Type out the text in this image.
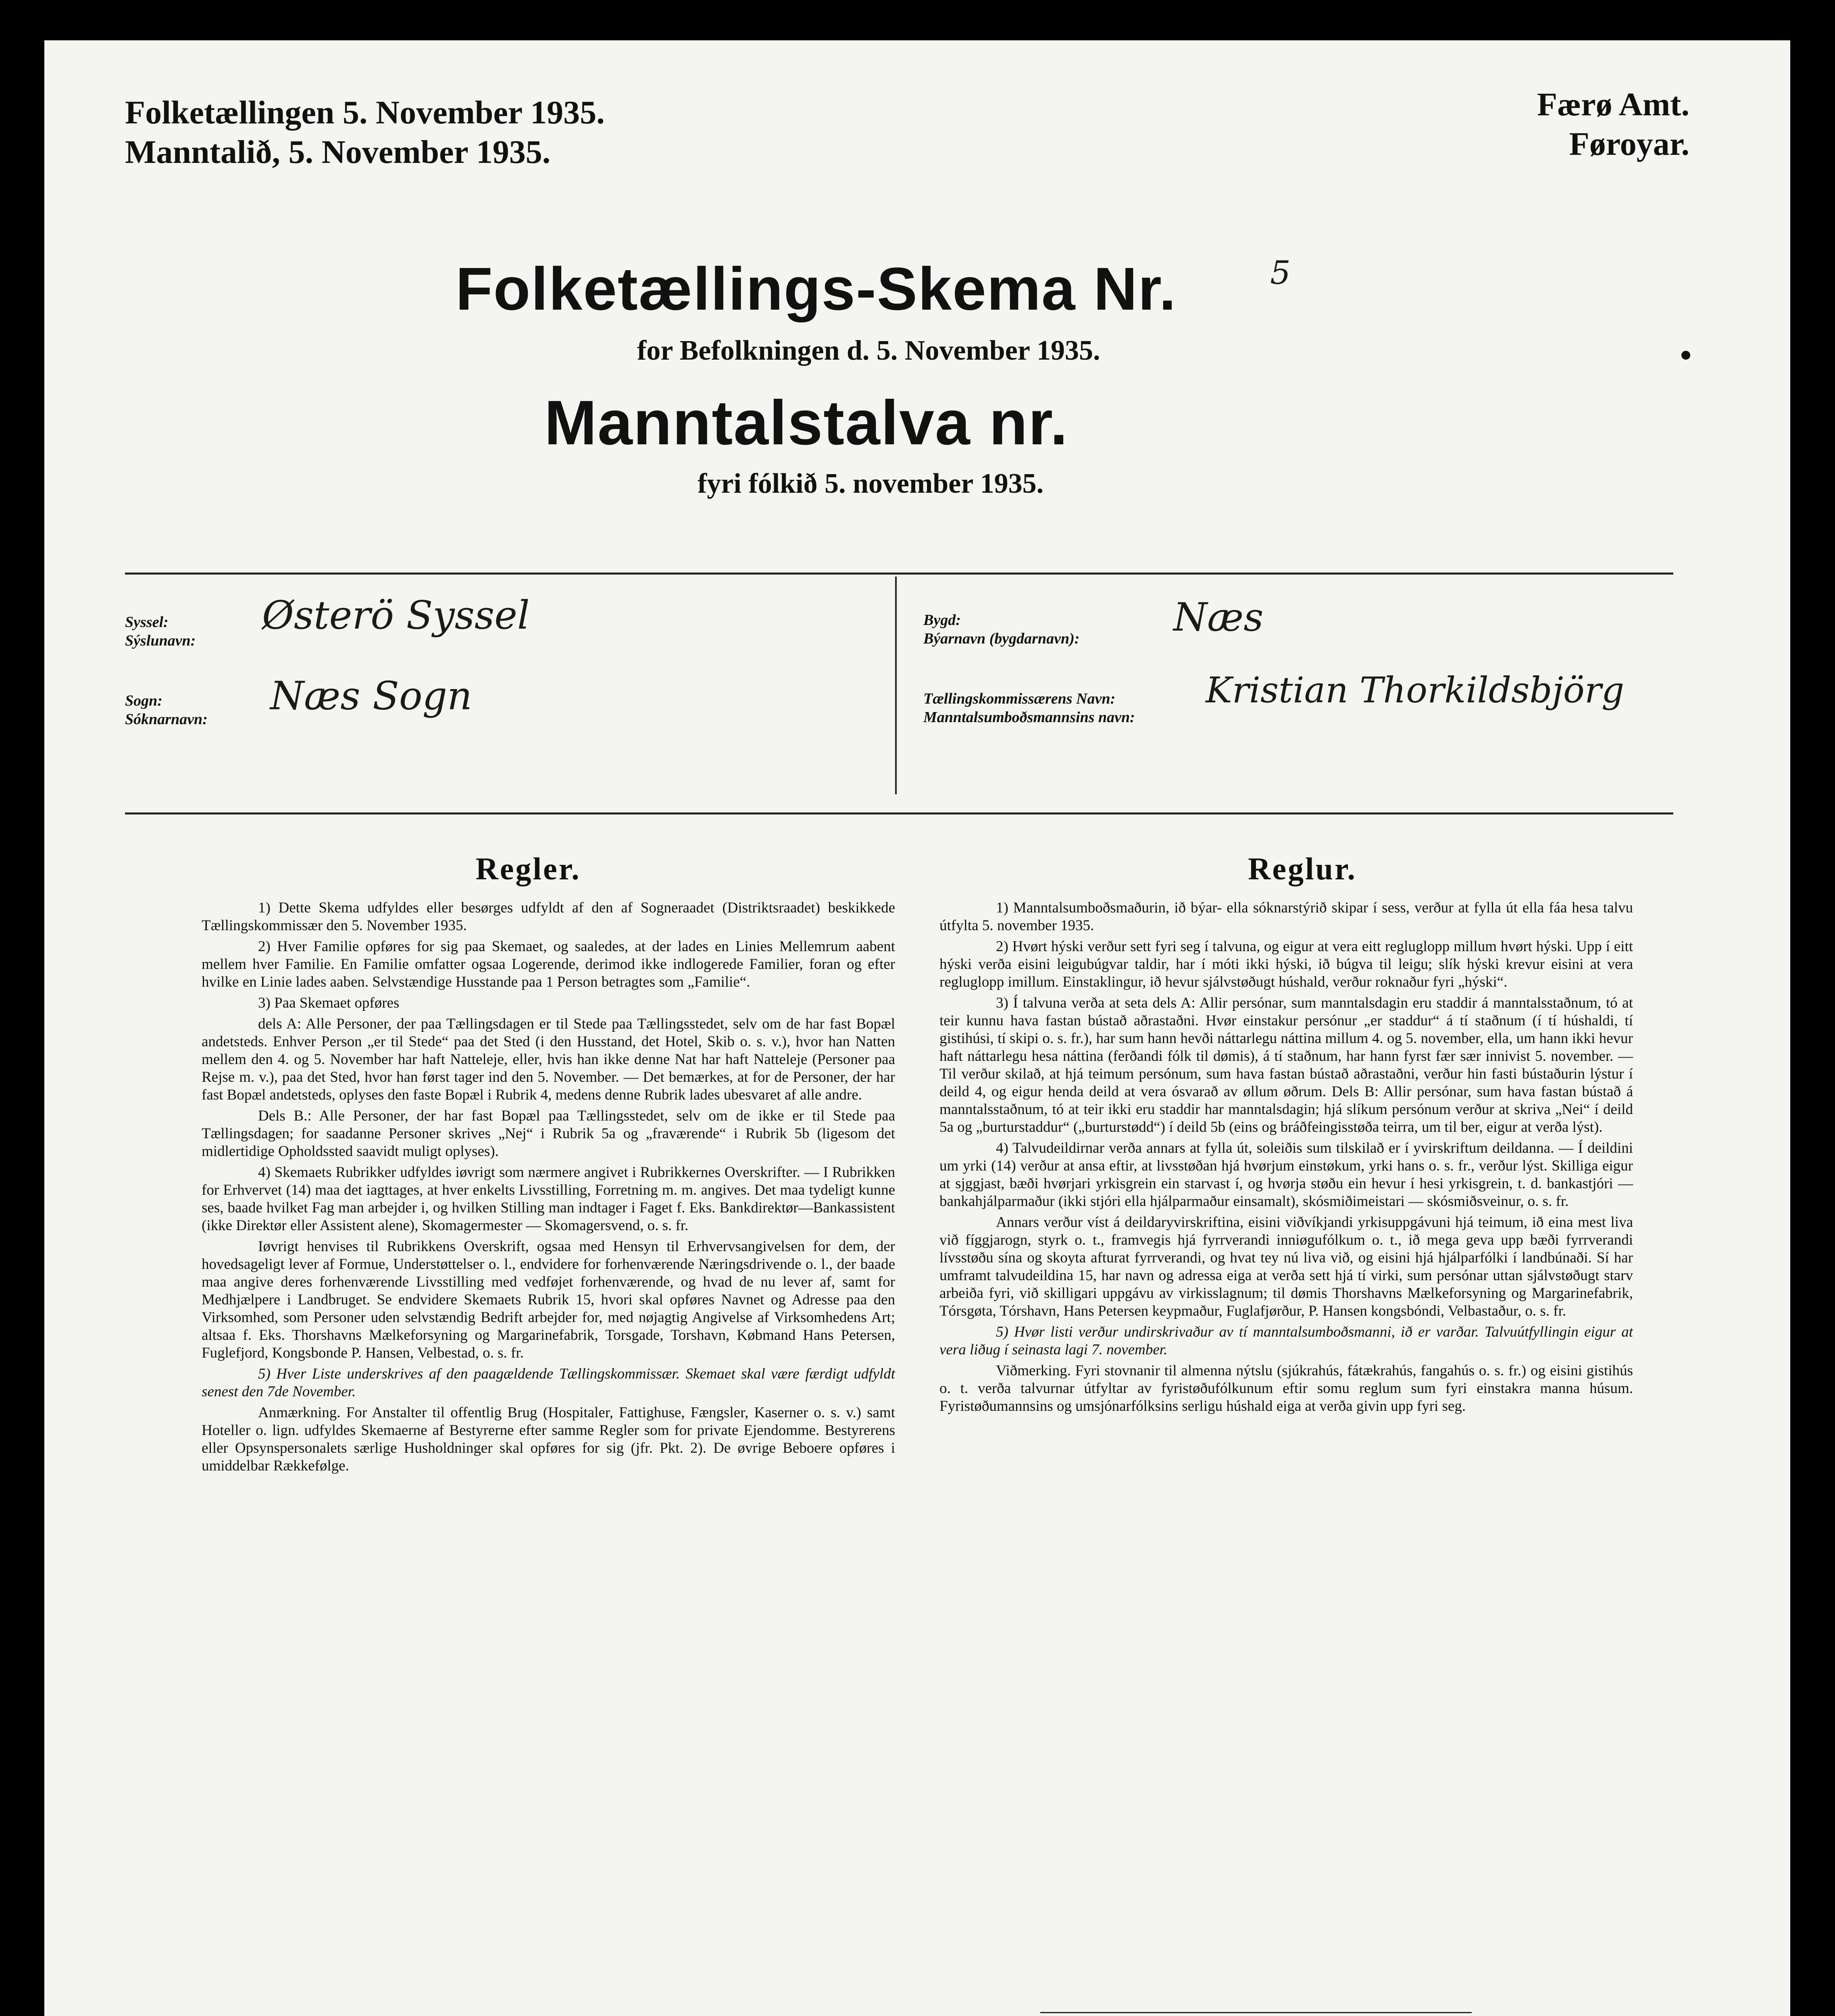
Folketællingen 5. November 1935.
Manntalið, 5. November 1935.
Færø Amt.
Føroyar.
Folketællings-Skema Nr.	5
for Befolkningen d. 5. November 1935.
Manntalstalva nr.
fyri fólkið 5. november 1935.
Syssel:
Sýslunavn:
Østerö Syssel
Sogn:
Sóknarnavn:
Næs Sogn
Bygd:
Býarnavn (bygdarnavn): Næs
Tællingskommissærens Navn:
Manntalsumboðsmannsins navn:
Kristian Thorkildsbjörg
Regler.

1) Dette Skema udfyldes eller besørges udfyldt af den af Sogneraadet (Distriktsraadet) beskikkede Tællingskommissær den 5. November 1935.

2) Hver Familie opføres for sig paa Skemaet, og saaledes, at der lades en Linies Mellemrum aabent mellem hver Familie. En Familie omfatter ogsaa Logerende, derimod ikke indlogerede Familier, foran og efter hvilke en Linie lades aaben. Selvstændige Husstande paa 1 Person betragtes som „Familie“.

3) Paa Skemaet opføres

dels A: Alle Personer, der paa Tællingsdagen er til Stede paa Tællingsstedet, selv om de har fast Bopæl andetsteds. Enhver Person „er til Stede“ paa det Sted (i den Husstand, det Hotel, Skib o. s. v.), hvor han Natten mellem den 4. og 5. November har haft Natteleje, eller, hvis han ikke denne Nat har haft Natteleje (Personer paa Rejse m. v.), paa det Sted, hvor han først tager ind den 5. November. — Det bemærkes, at for de Personer, der har fast Bopæl andetsteds, oplyses den faste Bopæl i Rubrik 4, medens denne Rubrik lades ubesvaret af alle andre.

Dels B.: Alle Personer, der har fast Bopæl paa Tællingsstedet, selv om de ikke er til Stede paa Tællingsdagen; for saadanne Personer skrives „Nej“ i Rubrik 5a og „fraværende“ i Rubrik 5b (ligesom det midlertidige Opholdssted saavidt muligt oplyses).

4) Skemaets Rubrikker udfyldes iøvrigt som nærmere angivet i Rubrikkernes Overskrifter. — I Rubrikken for Erhvervet (14) maa det iagttages, at hver enkelts Livsstilling, Forretning m. m. angives. Det maa tydeligt kunne ses, baade hvilket Fag man arbejder i, og hvilken Stilling man indtager i Faget f. Eks. Bankdirektør—Bankassistent (ikke Direktør eller Assistent alene), Skomagermester — Skomagersvend, o. s. fr.

Iøvrigt henvises til Rubrikkens Overskrift, ogsaa med Hensyn til Erhvervsangivelsen for dem, der hovedsageligt lever af Formue, Understøttelser o. l., endvidere for forhenværende Næringsdrivende o. l., der baade maa angive deres forhenværende Livsstilling med vedføjet forhenværende, og hvad de nu lever af, samt for Medhjælpere i Landbruget. Se endvidere Skemaets Rubrik 15, hvori skal opføres Navnet og Adresse paa den Virksomhed, som Personer uden selvstændig Bedrift arbejder for, med nøjagtig Angivelse af Virksomhedens Art; altsaa f. Eks. Thorshavns Mælkeforsyning og Margarinefabrik, Torsgade, Torshavn, Købmand Hans Petersen, Fuglefjord, Kongsbonde P. Hansen, Velbestad, o. s. fr.

5) Hver Liste underskrives af den paagældende Tællingskommissær. Skemaet skal være færdigt udfyldt senest den 7de November.

Anmærkning. For Anstalter til offentlig Brug (Hospitaler, Fattighuse, Fængsler, Kaserner o. s. v.) samt Hoteller o. lign. udfyldes Skemaerne af Bestyrerne efter samme Regler som for private Ejendomme. Bestyrerens eller Opsynspersonalets særlige Husholdninger skal opføres for sig (jfr. Pkt. 2). De øvrige Beboere opføres i umiddelbar Rækkefølge.

Reglur.

1) Manntalsumboðsmaðurin, ið býar- ella sóknarstýrið skipar í sess, verður at fylla út ella fáa hesa talvu útfylta 5. november 1935.

2) Hvørt hýski verður sett fyri seg í talvuna, og eigur at vera eitt regluglopp millum hvørt hýski. Upp í eitt hýski verða eisini leigubúgvar taldir, har í móti ikki hýski, ið búgva til leigu; slík hýski krevur eisini at vera regluglopp imillum. Einstaklingur, ið hevur sjálvstøðugt húshald, verður roknaður fyri „hýski“.

3) Í talvuna verða at seta dels A: Allir persónar, sum manntalsdagin eru staddir á manntalsstaðnum, tó at teir kunnu hava fastan bústað aðrastaðni. Hvør einstakur persónur „er staddur“ á tí staðnum (í tí húshaldi, tí gistihúsi, tí skipi o. s. fr.), har sum hann hevði náttarlegu náttina millum 4. og 5. november, ella, um hann ikki hevur haft náttarlegu hesa náttina (ferðandi fólk til dømis), á tí staðnum, har hann fyrst fær sær innivist 5. november. — Til verður skilað, at hjá teimum persónum, sum hava fastan bústað aðrastaðni, verður hin fasti bústaðurin lýstur í deild 4, og eigur henda deild at vera ósvarað av øllum øðrum. Dels B: Allir persónar, sum hava fastan bústað á manntalsstaðnum, tó at teir ikki eru staddir har manntalsdagin; hjá slíkum persónum verður at skriva „Nei“ í deild 5a og „burturstaddur“ („burturstødd“) í deild 5b (eins og bráðfeingisstøða teirra, um til ber, eigur at verða lýst).

4) Talvudeildirnar verða annars at fylla út, soleiðis sum tilskilað er í yvirskriftum deildanna. — Í deildini um yrki (14) verður at ansa eftir, at livsstøðan hjá hvørjum einstøkum, yrki hans o. s. fr., verður lýst. Skilliga eigur at sjggjast, bæði hvørjari yrkisgrein ein starvast í, og hvørja støðu ein hevur í hesi yrkisgrein, t. d. bankastjóri — bankahjálparmaður (ikki stjóri ella hjálparmaður einsamalt), skósmiðimeistari — skósmiðsveinur, o. s. fr.

Annars verður víst á deildaryvirskriftina, eisini viðvíkjandi yrkisuppgávuni hjá teimum, ið eina mest liva við fíggjarogn, styrk o. t., framvegis hjá fyrrverandi inniøgufólkum o. t., ið mega geva upp bæði fyrrverandi lívsstøðu sína og skoyta afturat fyrrverandi, og hvat tey nú liva við, og eisini hjá hjálparfólki í landbúnaði. Sí har umframt talvudeildina 15, har navn og adressa eiga at verða sett hjá tí virki, sum persónar uttan sjálvstøðugt starv arbeiða fyri, við skilligari uppgávu av virkisslagnum; til dømis Thorshavns Mælkeforsyning og Margarinefabrik, Tórsgøta, Tórshavn, Hans Petersen keypmaður, Fuglafjørður, P. Hansen kongsbóndi, Velbastaður, o. s. fr.

5) Hvør listi verður undirskrivaður av tí manntalsumboðsmanni, ið er varðar. Talvuútfyllingin eigur at vera liðug í seinasta lagi 7. november.

Viðmerking. Fyri stovnanir til almenna nýtslu (sjúkrahús, fátækrahús, fangahús o. s. fr.) og eisini gistihús o. t. verða talvurnar útfyltar av fyristøðufólkunum eftir somu reglum sum fyri einstakra manna húsum. Fyristøðumannsins og umsjónarfólksins serligu húshald eiga at verða givin upp fyri seg.
